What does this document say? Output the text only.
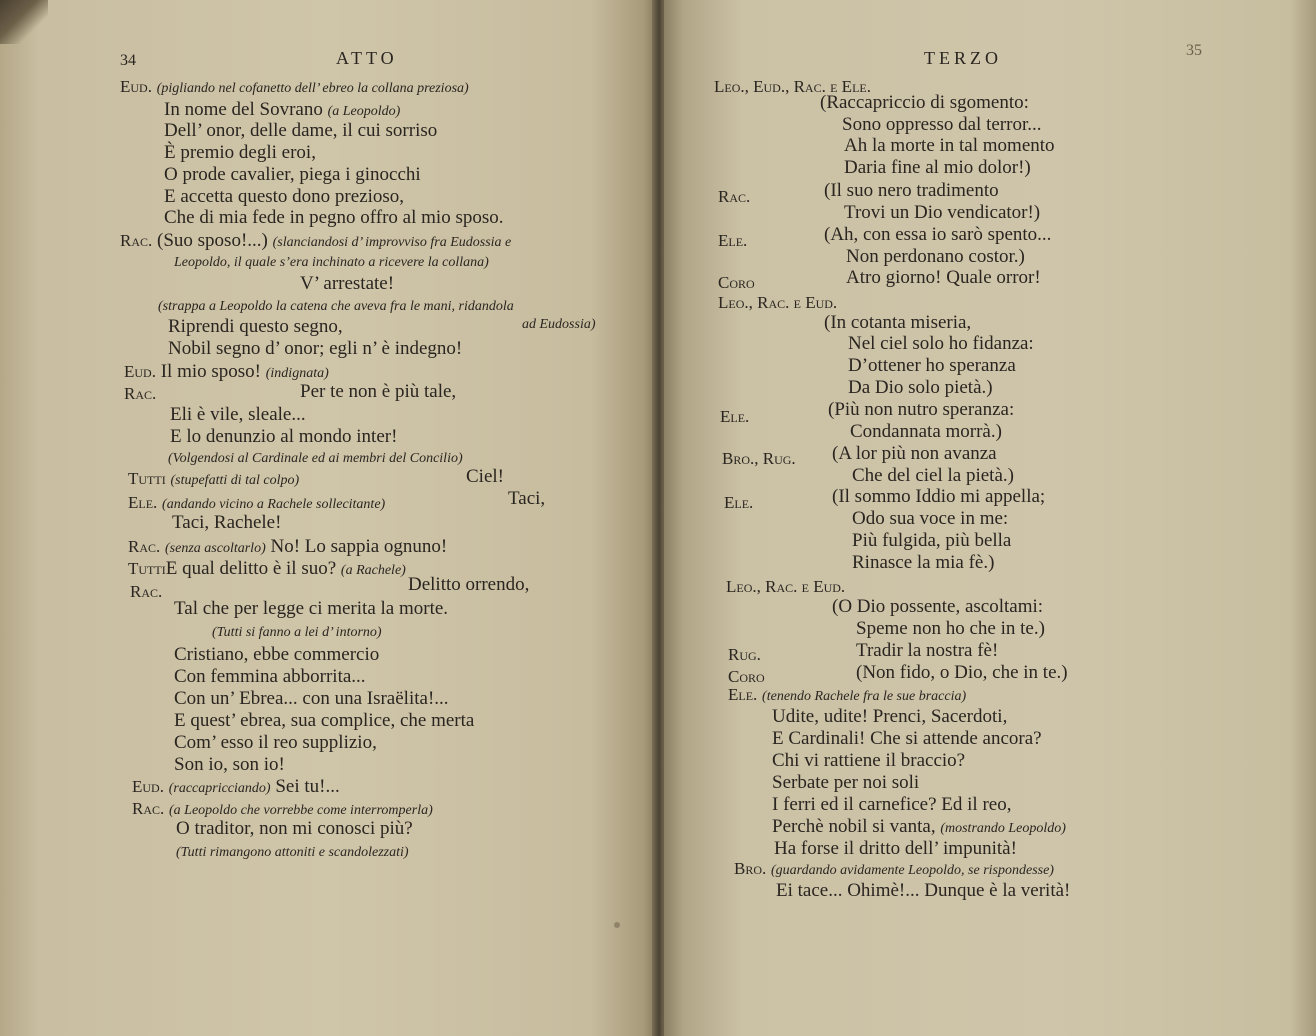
34	ATTO
Eud. (pigliando nel cofanetto dell’ ebreo la collana preziosa)
In nome del Sovrano (a Leopoldo)
Dell’ onor, delle dame, il cui sorriso
È premio degli eroi,
O prode cavalier, piega i ginocchi
E accetta questo dono prezioso,
Che di mia fede in pegno offro al mio sposo.
Rac. (Suo sposo!...) (slanciandosi d’ improvviso fra Eudossia e
Leopoldo, il quale s’era inchinato a ricevere la collana)
V’ arrestate!
(strappa a Leopoldo la catena che aveva fra le mani, ridandola
Riprendi questo segno,	ad Eudossia)
Nobil segno d’ onor; egli n’ è indegno!
Eud. Il mio sposo! (indignata)
Rac.	Per te non è più tale,
Eli è vile, sleale...
E lo denunzio al mondo inter!
(Volgendosi al Cardinale ed ai membri del Concilio)
Tutti (stupefatti di tal colpo)	Ciel!
Ele. (andando vicino a Rachele sollecitante)	Taci,
Taci, Rachele!
Rac. (senza ascoltarlo) No! Lo sappia ognuno!
TuttiE qual delitto è il suo? (a Rachele)
Rac.	Delitto orrendo,
Tal che per legge ci merita la morte.
(Tutti si fanno a lei d’ intorno)
Cristiano, ebbe commercio
Con femmina abborrita...
Con un’ Ebrea... con una Israëlita!...
E quest’ ebrea, sua complice, che merta
Com’ esso il reo supplizio,
Son io, son io!
Eud. (raccapricciando) Sei tu!...
Rac. (a Leopoldo che vorrebbe come interromperla)
O traditor, non mi conosci più?
(Tutti rimangono attoniti e scandolezzati)
TERZO	35
Leo., Eud., Rac. e Ele.
(Raccapriccio di sgomento:
Sono oppresso dal terror...
Ah la morte in tal momento
Daria fine al mio dolor!)
Rac.	(Il suo nero tradimento
Trovi un Dio vendicator!)
Ele.	(Ah, con essa io sarò spento...
Non perdonano costor.)
Coro	Atro giorno! Quale orror!
Leo., Rac. e Eud.
(In cotanta miseria,
Nel ciel solo ho fidanza:
D’ottener ho speranza
Da Dio solo pietà.)
Ele.	(Più non nutro speranza:
Condannata morrà.)
Bro., Rug. (A lor più non avanza
Che del ciel la pietà.)
Ele.	(Il sommo Iddio mi appella;
Odo sua voce in me:
Più fulgida, più bella
Rinasce la mia fè.)
Leo., Rac. e Eud.
(O Dio possente, ascoltami:
Speme non ho che in te.)
Rug.	Tradir la nostra fè!
Coro	(Non fido, o Dio, che in te.)
Ele. (tenendo Rachele fra le sue braccia)
Udite, udite! Prenci, Sacerdoti,
E Cardinali! Che si attende ancora?
Chi vi rattiene il braccio?
Serbate per noi soli
I ferri ed il carnefice? Ed il reo,
Perchè nobil si vanta, (mostrando Leopoldo)
Ha forse il dritto dell’ impunità!
Bro. (guardando avidamente Leopoldo, se rispondesse)
Ei tace... Ohimè!... Dunque è la verità!
